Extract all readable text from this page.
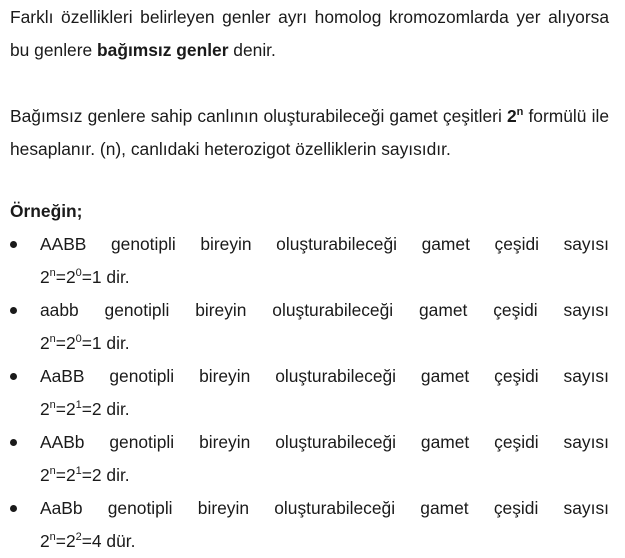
Farklı özellikleri belirleyen genler ayrı homolog kromozomlarda yer alıyorsa bu genlere bağımsız genler denir.

Bağımsız genlere sahip canlının oluşturabileceği gamet çeşitleri 2$^n$ formülü ile hesaplanır. (n), canlıdaki heterozigot özelliklerin sayısıdır.

Örneğin;
AABB genotipli bireyin oluşturabileceği gamet çeşidi sayısı
$2^n=2^0=1$ dir.
aabb genotipli bireyin oluşturabileceği gamet çeşidi sayısı
$2^n=2^0=1$ dir.
AaBB genotipli bireyin oluşturabileceği gamet çeşidi sayısı
$2^n=2^1=2$ dir.
AABb genotipli bireyin oluşturabileceği gamet çeşidi sayısı
$2^n=2^1=2$ dir.
AaBb genotipli bireyin oluşturabileceği gamet çeşidi sayısı
$2^n=2^2=4$ dür.
